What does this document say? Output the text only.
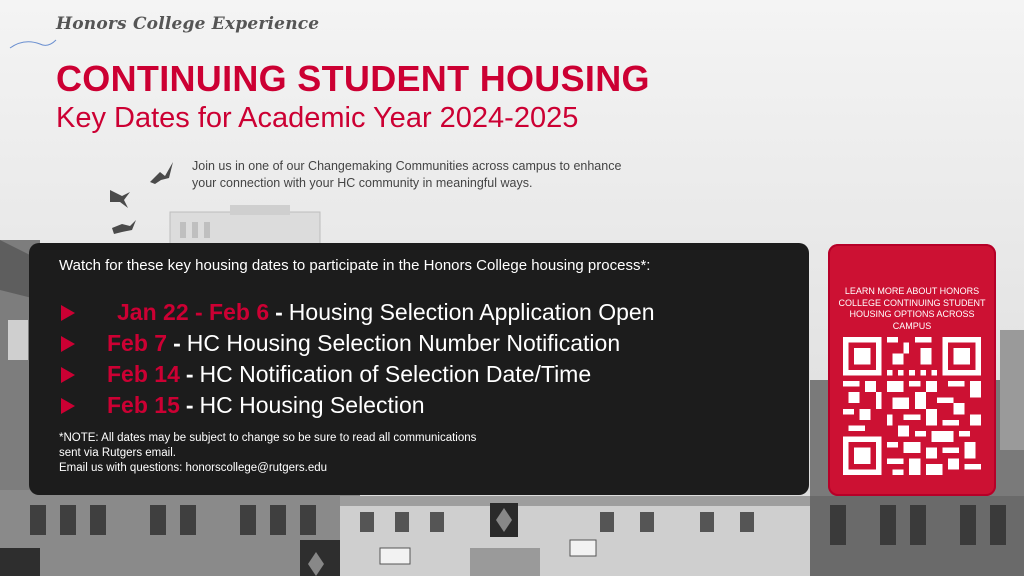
Honors College Experience
CONTINUING STUDENT HOUSING
Key Dates for Academic Year 2024-2025
Join us in one of our Changemaking Communities across campus to enhance your connection with your HC community in meaningful ways.
Watch for these key housing dates to participate in the Honors College housing process*:
Jan 22 - Feb 6 - Housing Selection Application Open
Feb 7 - HC Housing Selection Number Notification
Feb 14 - HC Notification of Selection Date/Time
Feb 15 - HC Housing Selection
*NOTE: All dates may be subject to change so be sure to read all communications sent via Rutgers email.
Email us with questions: honorscollege@rutgers.edu
LEARN MORE ABOUT HONORS COLLEGE CONTINUING STUDENT HOUSING OPTIONS ACROSS CAMPUS
